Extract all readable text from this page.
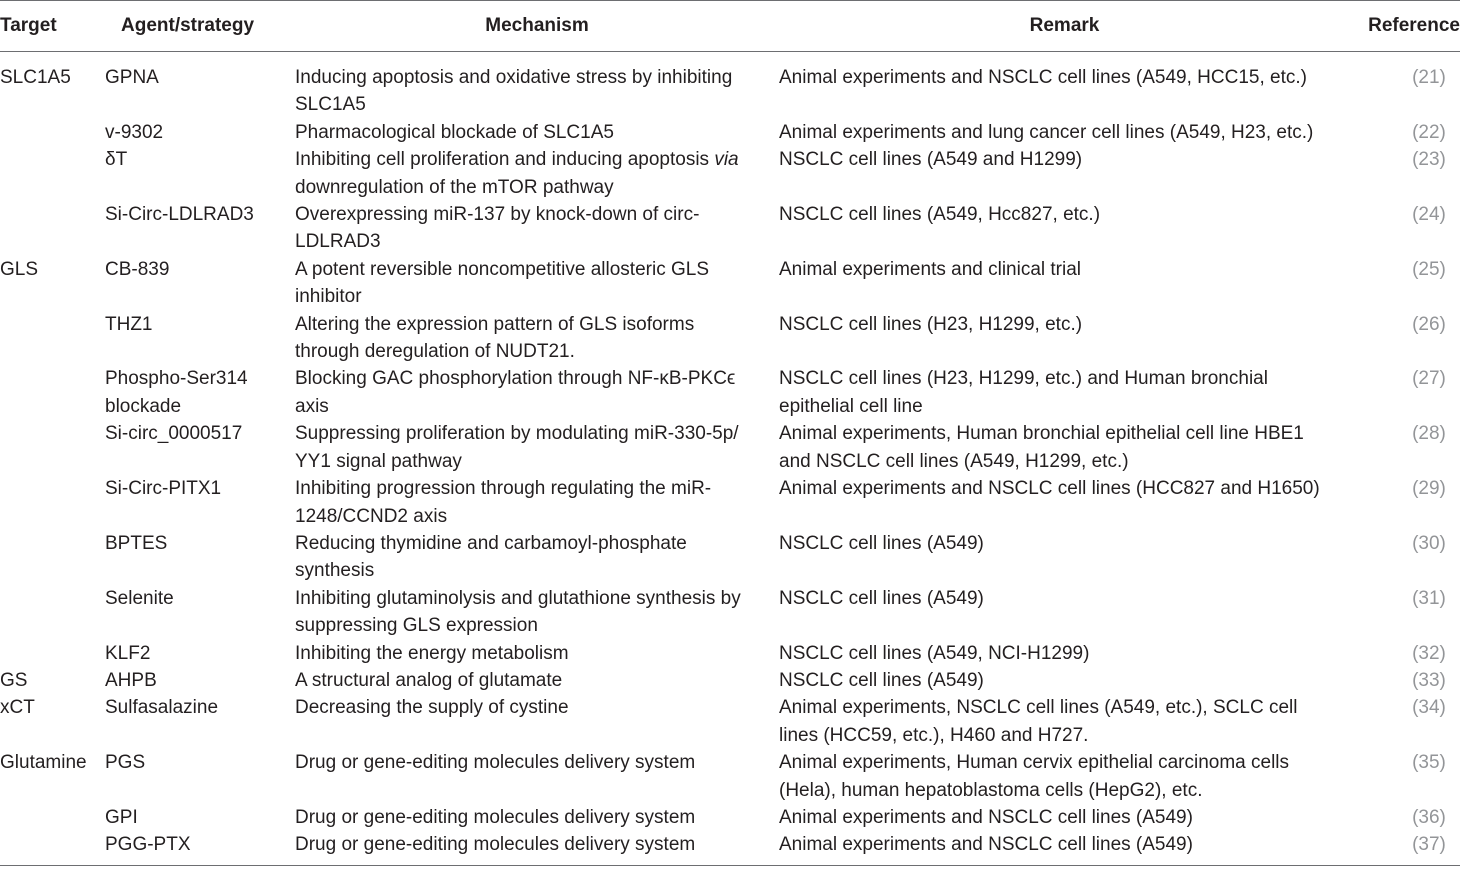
Target	Agent/strategy	Mechanism	Remark	Reference
SLC1A5	GPNA	Inducing apoptosis and oxidative stress by inhibiting SLC1A5	Animal experiments and NSCLC cell lines (A549, HCC15, etc.)	(21)
	v-9302	Pharmacological blockade of SLC1A5	Animal experiments and lung cancer cell lines (A549, H23, etc.)	(22)
	δT	Inhibiting cell proliferation and inducing apoptosis via downregulation of the mTOR pathway	NSCLC cell lines (A549 and H1299)	(23)
	Si-Circ-LDLRAD3	Overexpressing miR-137 by knock-down of circ-LDLRAD3	NSCLC cell lines (A549, Hcc827, etc.)	(24)
GLS	CB-839	A potent reversible noncompetitive allosteric GLS inhibitor	Animal experiments and clinical trial	(25)
	THZ1	Altering the expression pattern of GLS isoforms through deregulation of NUDT21.	NSCLC cell lines (H23, H1299, etc.)	(26)
	Phospho-Ser314 blockade	Blocking GAC phosphorylation through NF-κB-PKCϵ axis	NSCLC cell lines (H23, H1299, etc.) and Human bronchial epithelial cell line	(27)
	Si-circ_0000517	Suppressing proliferation by modulating miR-330-5p/ YY1 signal pathway	Animal experiments, Human bronchial epithelial cell line HBE1 and NSCLC cell lines (A549, H1299, etc.)	(28)
	Si-Circ-PITX1	Inhibiting progression through regulating the miR-1248/CCND2 axis	Animal experiments and NSCLC cell lines (HCC827 and H1650)	(29)
	BPTES	Reducing thymidine and carbamoyl-phosphate synthesis	NSCLC cell lines (A549)	(30)
	Selenite	Inhibiting glutaminolysis and glutathione synthesis by suppressing GLS expression	NSCLC cell lines (A549)	(31)
	KLF2	Inhibiting the energy metabolism	NSCLC cell lines (A549, NCI-H1299)	(32)
GS	AHPB	A structural analog of glutamate	NSCLC cell lines (A549)	(33)
xCT	Sulfasalazine	Decreasing the supply of cystine	Animal experiments, NSCLC cell lines (A549, etc.), SCLC cell lines (HCC59, etc.), H460 and H727.	(34)
Glutamine	PGS	Drug or gene-editing molecules delivery system	Animal experiments, Human cervix epithelial carcinoma cells (Hela), human hepatoblastoma cells (HepG2), etc.	(35)
	GPI	Drug or gene-editing molecules delivery system	Animal experiments and NSCLC cell lines (A549)	(36)
	PGG-PTX	Drug or gene-editing molecules delivery system	Animal experiments and NSCLC cell lines (A549)	(37)
